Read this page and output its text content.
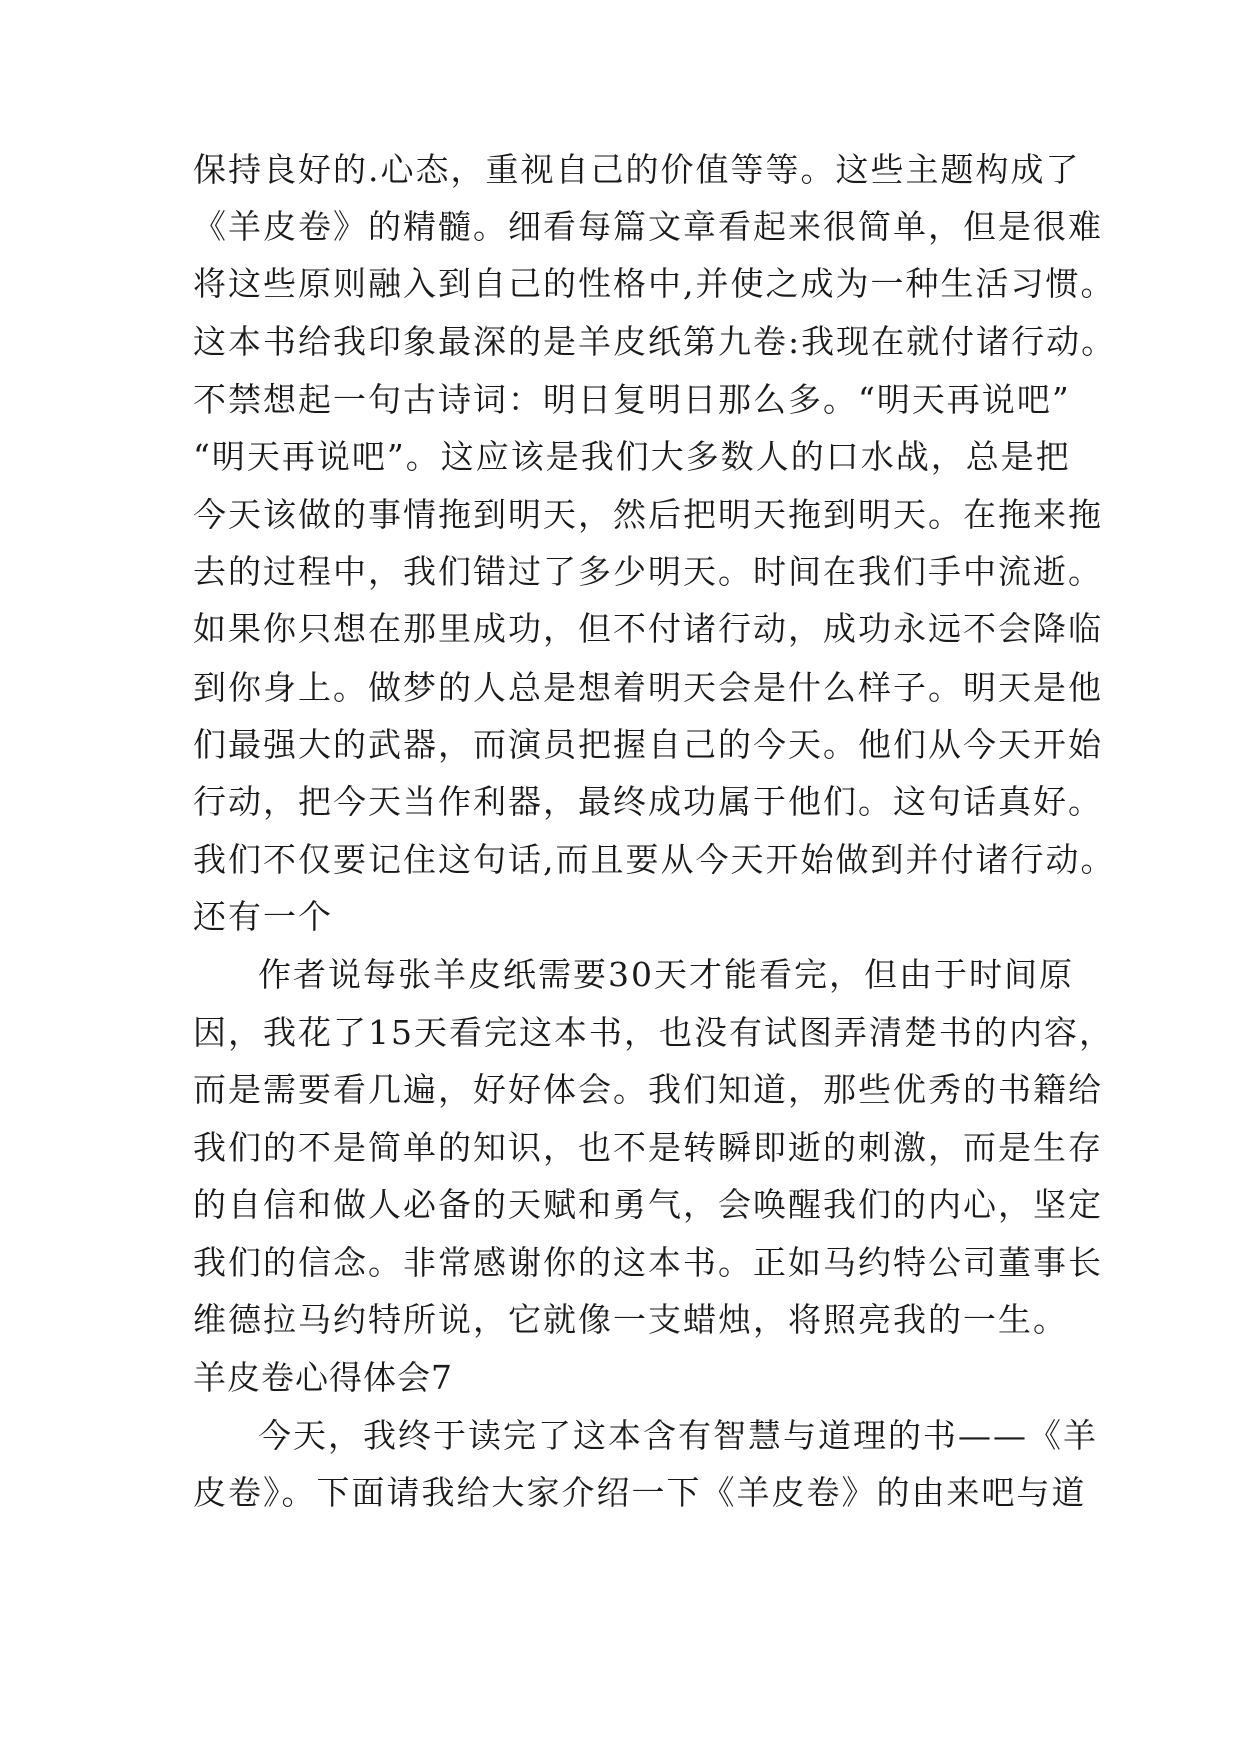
保持良好的.心态，重视自己的价值等等。这些主题构成了
《羊皮卷》的精髓。细看每篇文章看起来很简单，但是很难
将这些原则融入到自己的性格中,并使之成为一种生活习惯。
这本书给我印象最深的是羊皮纸第九卷:我现在就付诸行动。
不禁想起一句古诗词：明日复明日那么多。“明天再说吧”
“明天再说吧”。这应该是我们大多数人的口水战，总是把
今天该做的事情拖到明天，然后把明天拖到明天。在拖来拖
去的过程中，我们错过了多少明天。时间在我们手中流逝。
如果你只想在那里成功，但不付诸行动，成功永远不会降临
到你身上。做梦的人总是想着明天会是什么样子。明天是他
们最强大的武器，而演员把握自己的今天。他们从今天开始
行动，把今天当作利器，最终成功属于他们。这句话真好。
我们不仅要记住这句话,而且要从今天开始做到并付诸行动。
还有一个
作者说每张羊皮纸需要30天才能看完，但由于时间原
因，我花了15天看完这本书，也没有试图弄清楚书的内容，
而是需要看几遍，好好体会。我们知道，那些优秀的书籍给
我们的不是简单的知识，也不是转瞬即逝的刺激，而是生存
的自信和做人必备的天赋和勇气，会唤醒我们的内心，坚定
我们的信念。非常感谢你的这本书。正如马约特公司董事长
维德拉马约特所说，它就像一支蜡烛，将照亮我的一生。
羊皮卷心得体会7
今天，我终于读完了这本含有智慧与道理的书——《羊
皮卷》。下面请我给大家介绍一下《羊皮卷》的由来吧与道
